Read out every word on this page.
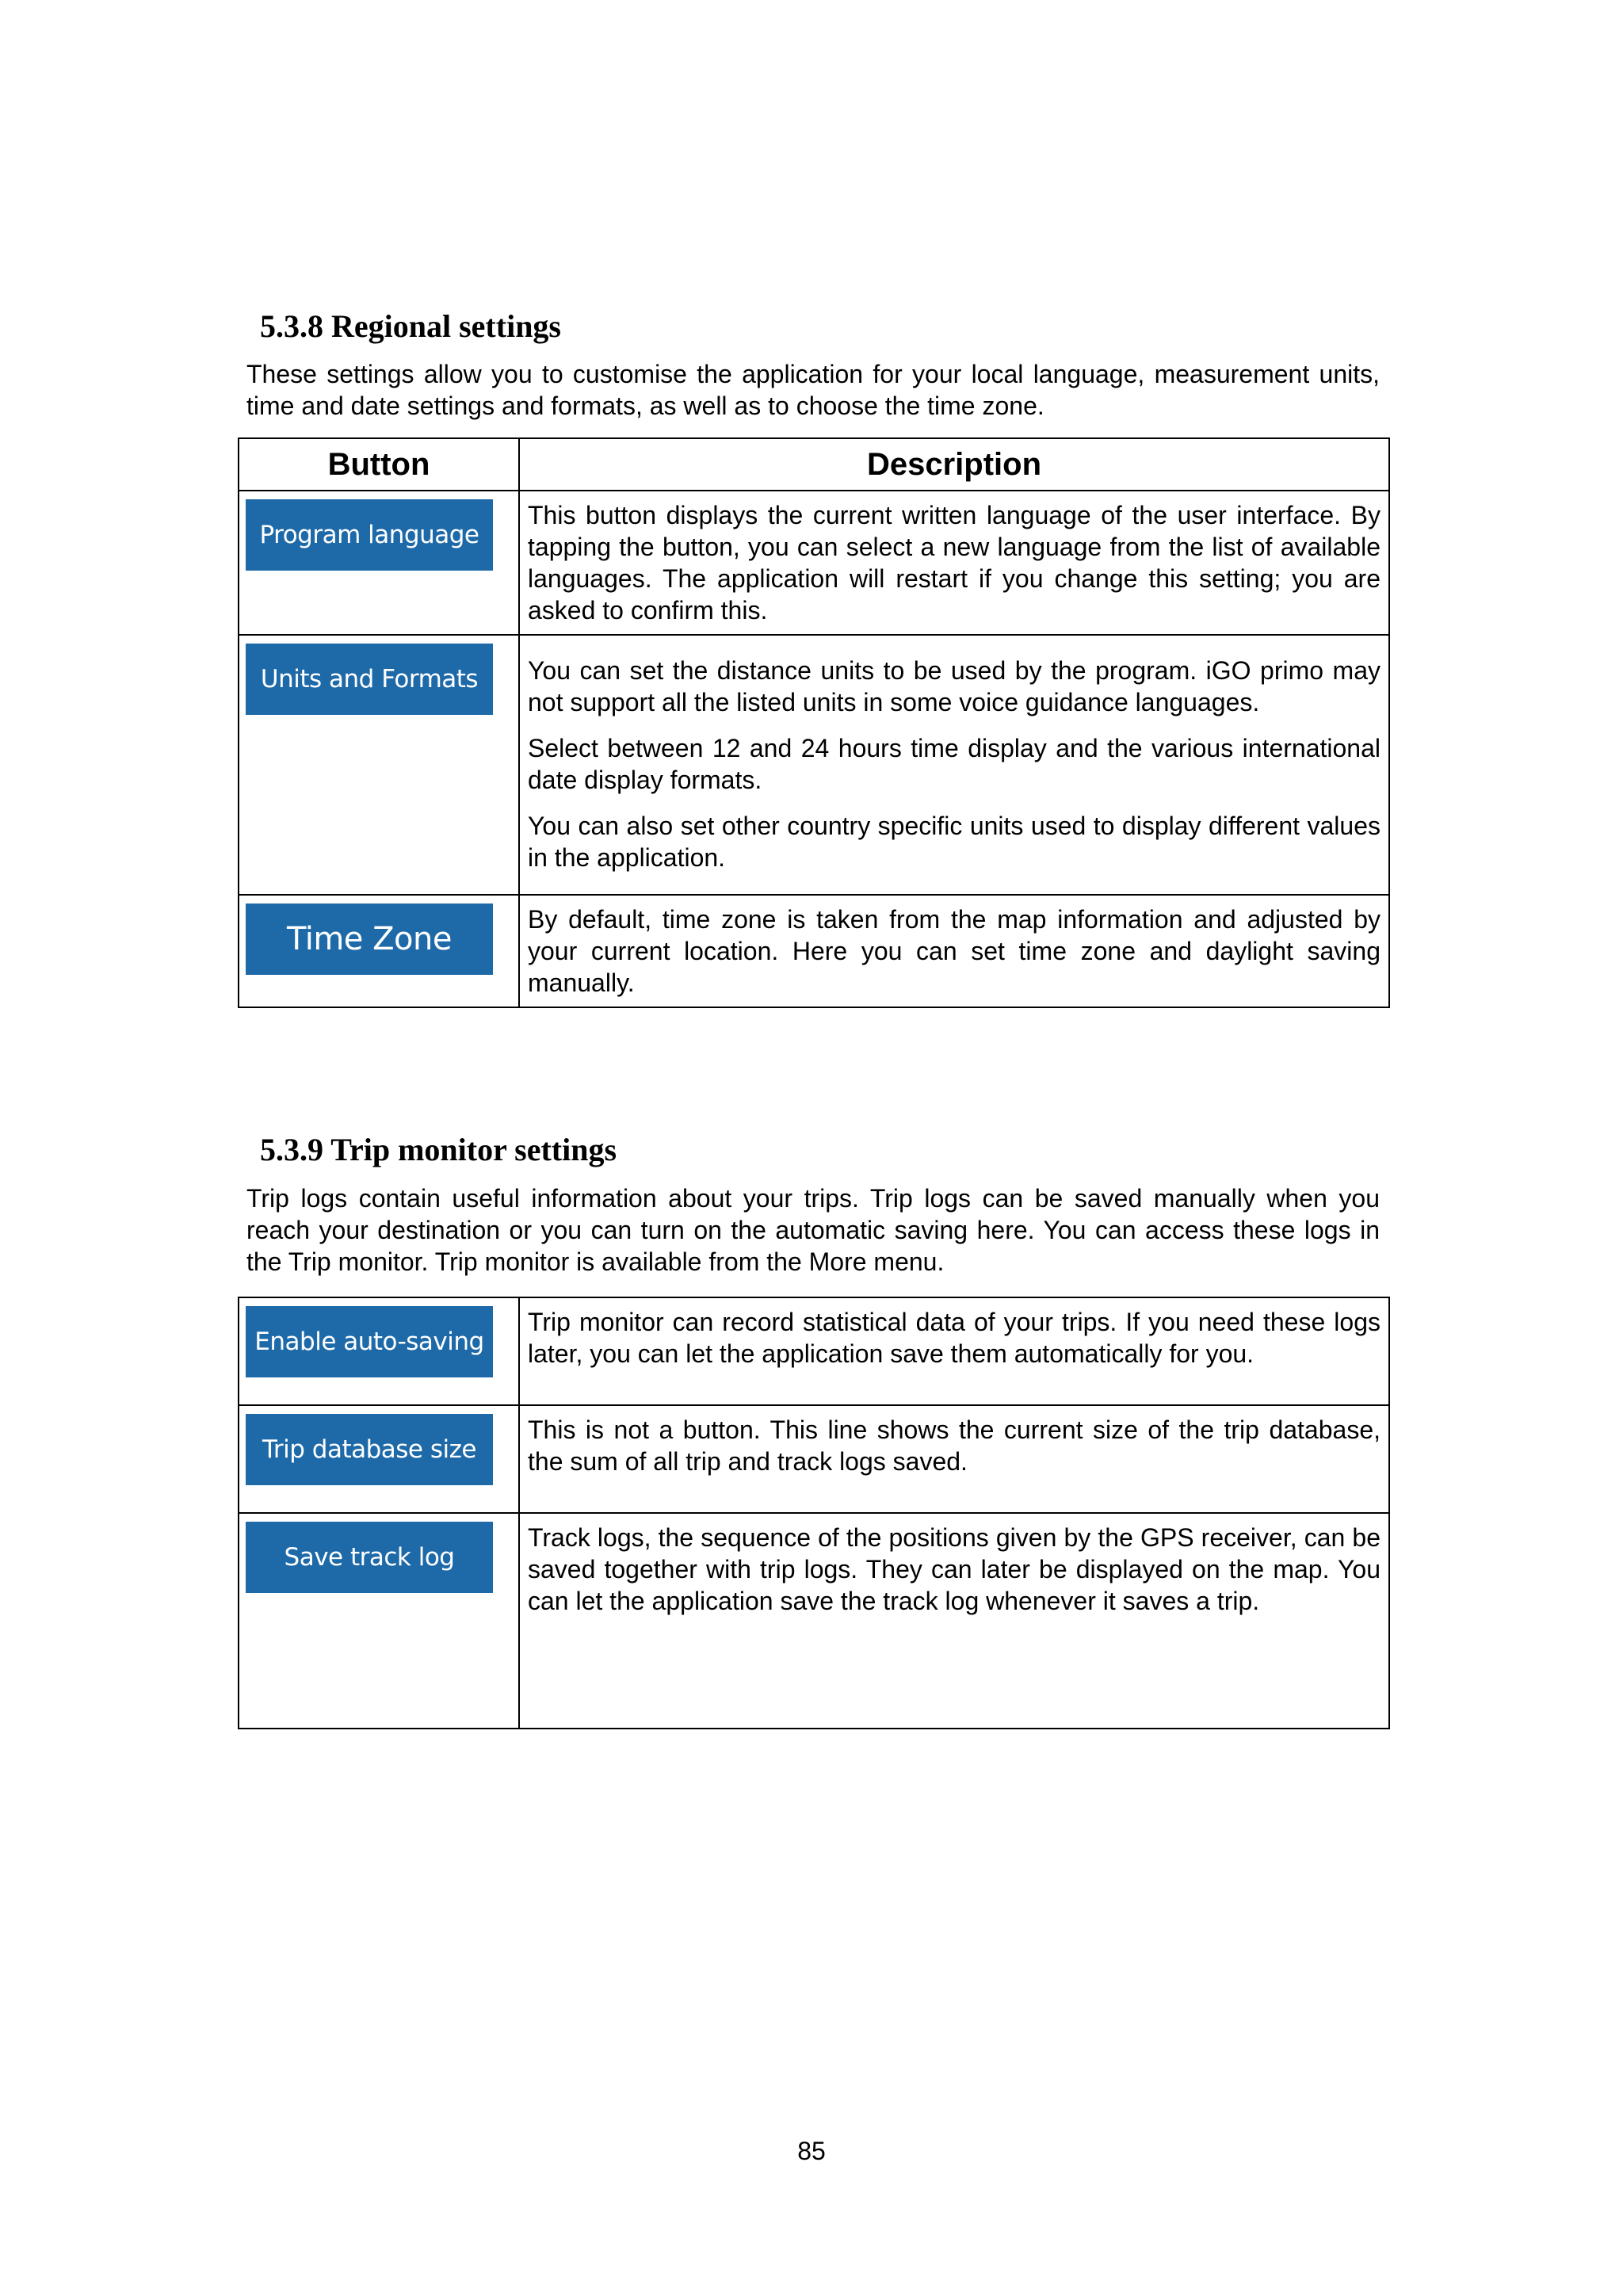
5.3.8 Regional settings

These settings allow you to customise the application for your local language, measurement units, time and date settings and formats, as well as to choose the time zone.

Button	Description

Program language	This button displays the current written language of the user interface. By tapping the button, you can select a new language from the list of available languages. The application will restart if you change this setting; you are asked to confirm this.

Units and Formats	You can set the distance units to be used by the program. iGO primo may not support all the listed units in some voice guidance languages.

Select between 12 and 24 hours time display and the various international date display formats.

You can also set other country specific units used to display different values in the application.

Time Zone	By default, time zone is taken from the map information and adjusted by your current location. Here you can set time zone and daylight saving manually.

5.3.9 Trip monitor settings

Trip logs contain useful information about your trips. Trip logs can be saved manually when you reach your destination or you can turn on the automatic saving here. You can access these logs in the Trip monitor. Trip monitor is available from the More menu.

Enable auto-saving	Trip monitor can record statistical data of your trips. If you need these logs later, you can let the application save them automatically for you.

Trip database size	This is not a button. This line shows the current size of the trip database, the sum of all trip and track logs saved.

Save track log	Track logs, the sequence of the positions given by the GPS receiver, can be saved together with trip logs. They can later be displayed on the map. You can let the application save the track log whenever it saves a trip.

85
